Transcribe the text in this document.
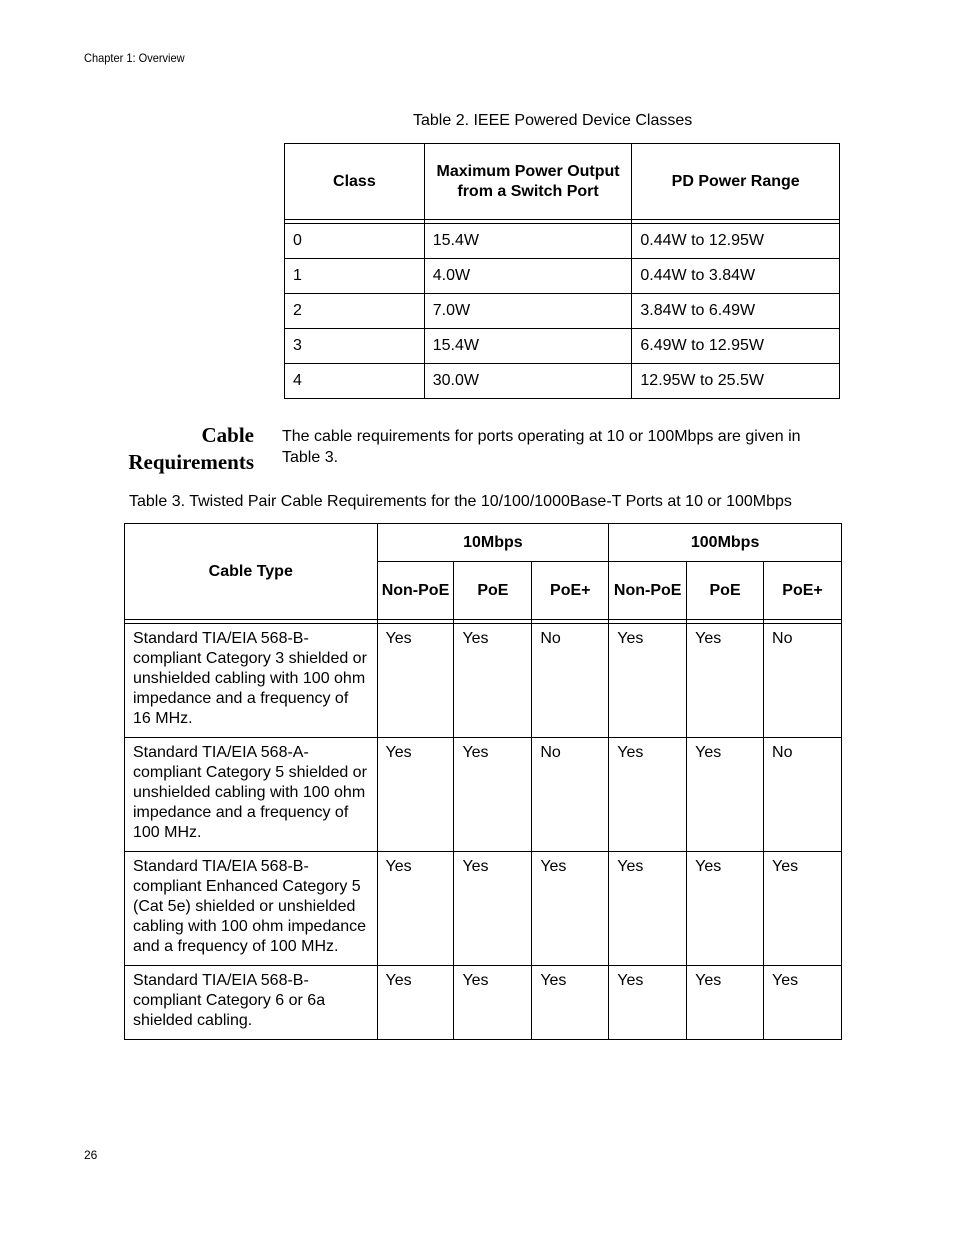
Chapter 1: Overview
Table 2. IEEE Powered Device Classes
Class	Maximum Power Output from a Switch Port	PD Power Range

0	15.4W	0.44W to 12.95W
1	4.0W	0.44W to 3.84W
2	7.0W	3.84W to 6.49W
3	15.4W	6.49W to 12.95W
4	30.0W	12.95W to 25.5W
Cable
Requirements
The cable requirements for ports operating at 10 or 100Mbps are given in Table 3.
Table 3. Twisted Pair Cable Requirements for the 10/100/1000Base-T Ports at 10 or 100Mbps
Cable Type	10Mbps			100Mbps		
	Non-PoE	PoE	PoE+	Non-PoE	PoE	PoE+

Standard TIA/EIA 568-B-compliant Category 3 shielded or unshielded cabling with 100 ohm impedance and a frequency of 16 MHz.	Yes	Yes	No	Yes	Yes	No
Standard TIA/EIA 568-A-compliant Category 5 shielded or unshielded cabling with 100 ohm impedance and a frequency of 100 MHz.	Yes	Yes	No	Yes	Yes	No
Standard TIA/EIA 568-B-compliant Enhanced Category 5 (Cat 5e) shielded or unshielded cabling with 100 ohm impedance and a frequency of 100 MHz.	Yes	Yes	Yes	Yes	Yes	Yes
Standard TIA/EIA 568-B-compliant Category 6 or 6a shielded cabling.	Yes	Yes	Yes	Yes	Yes	Yes
26
